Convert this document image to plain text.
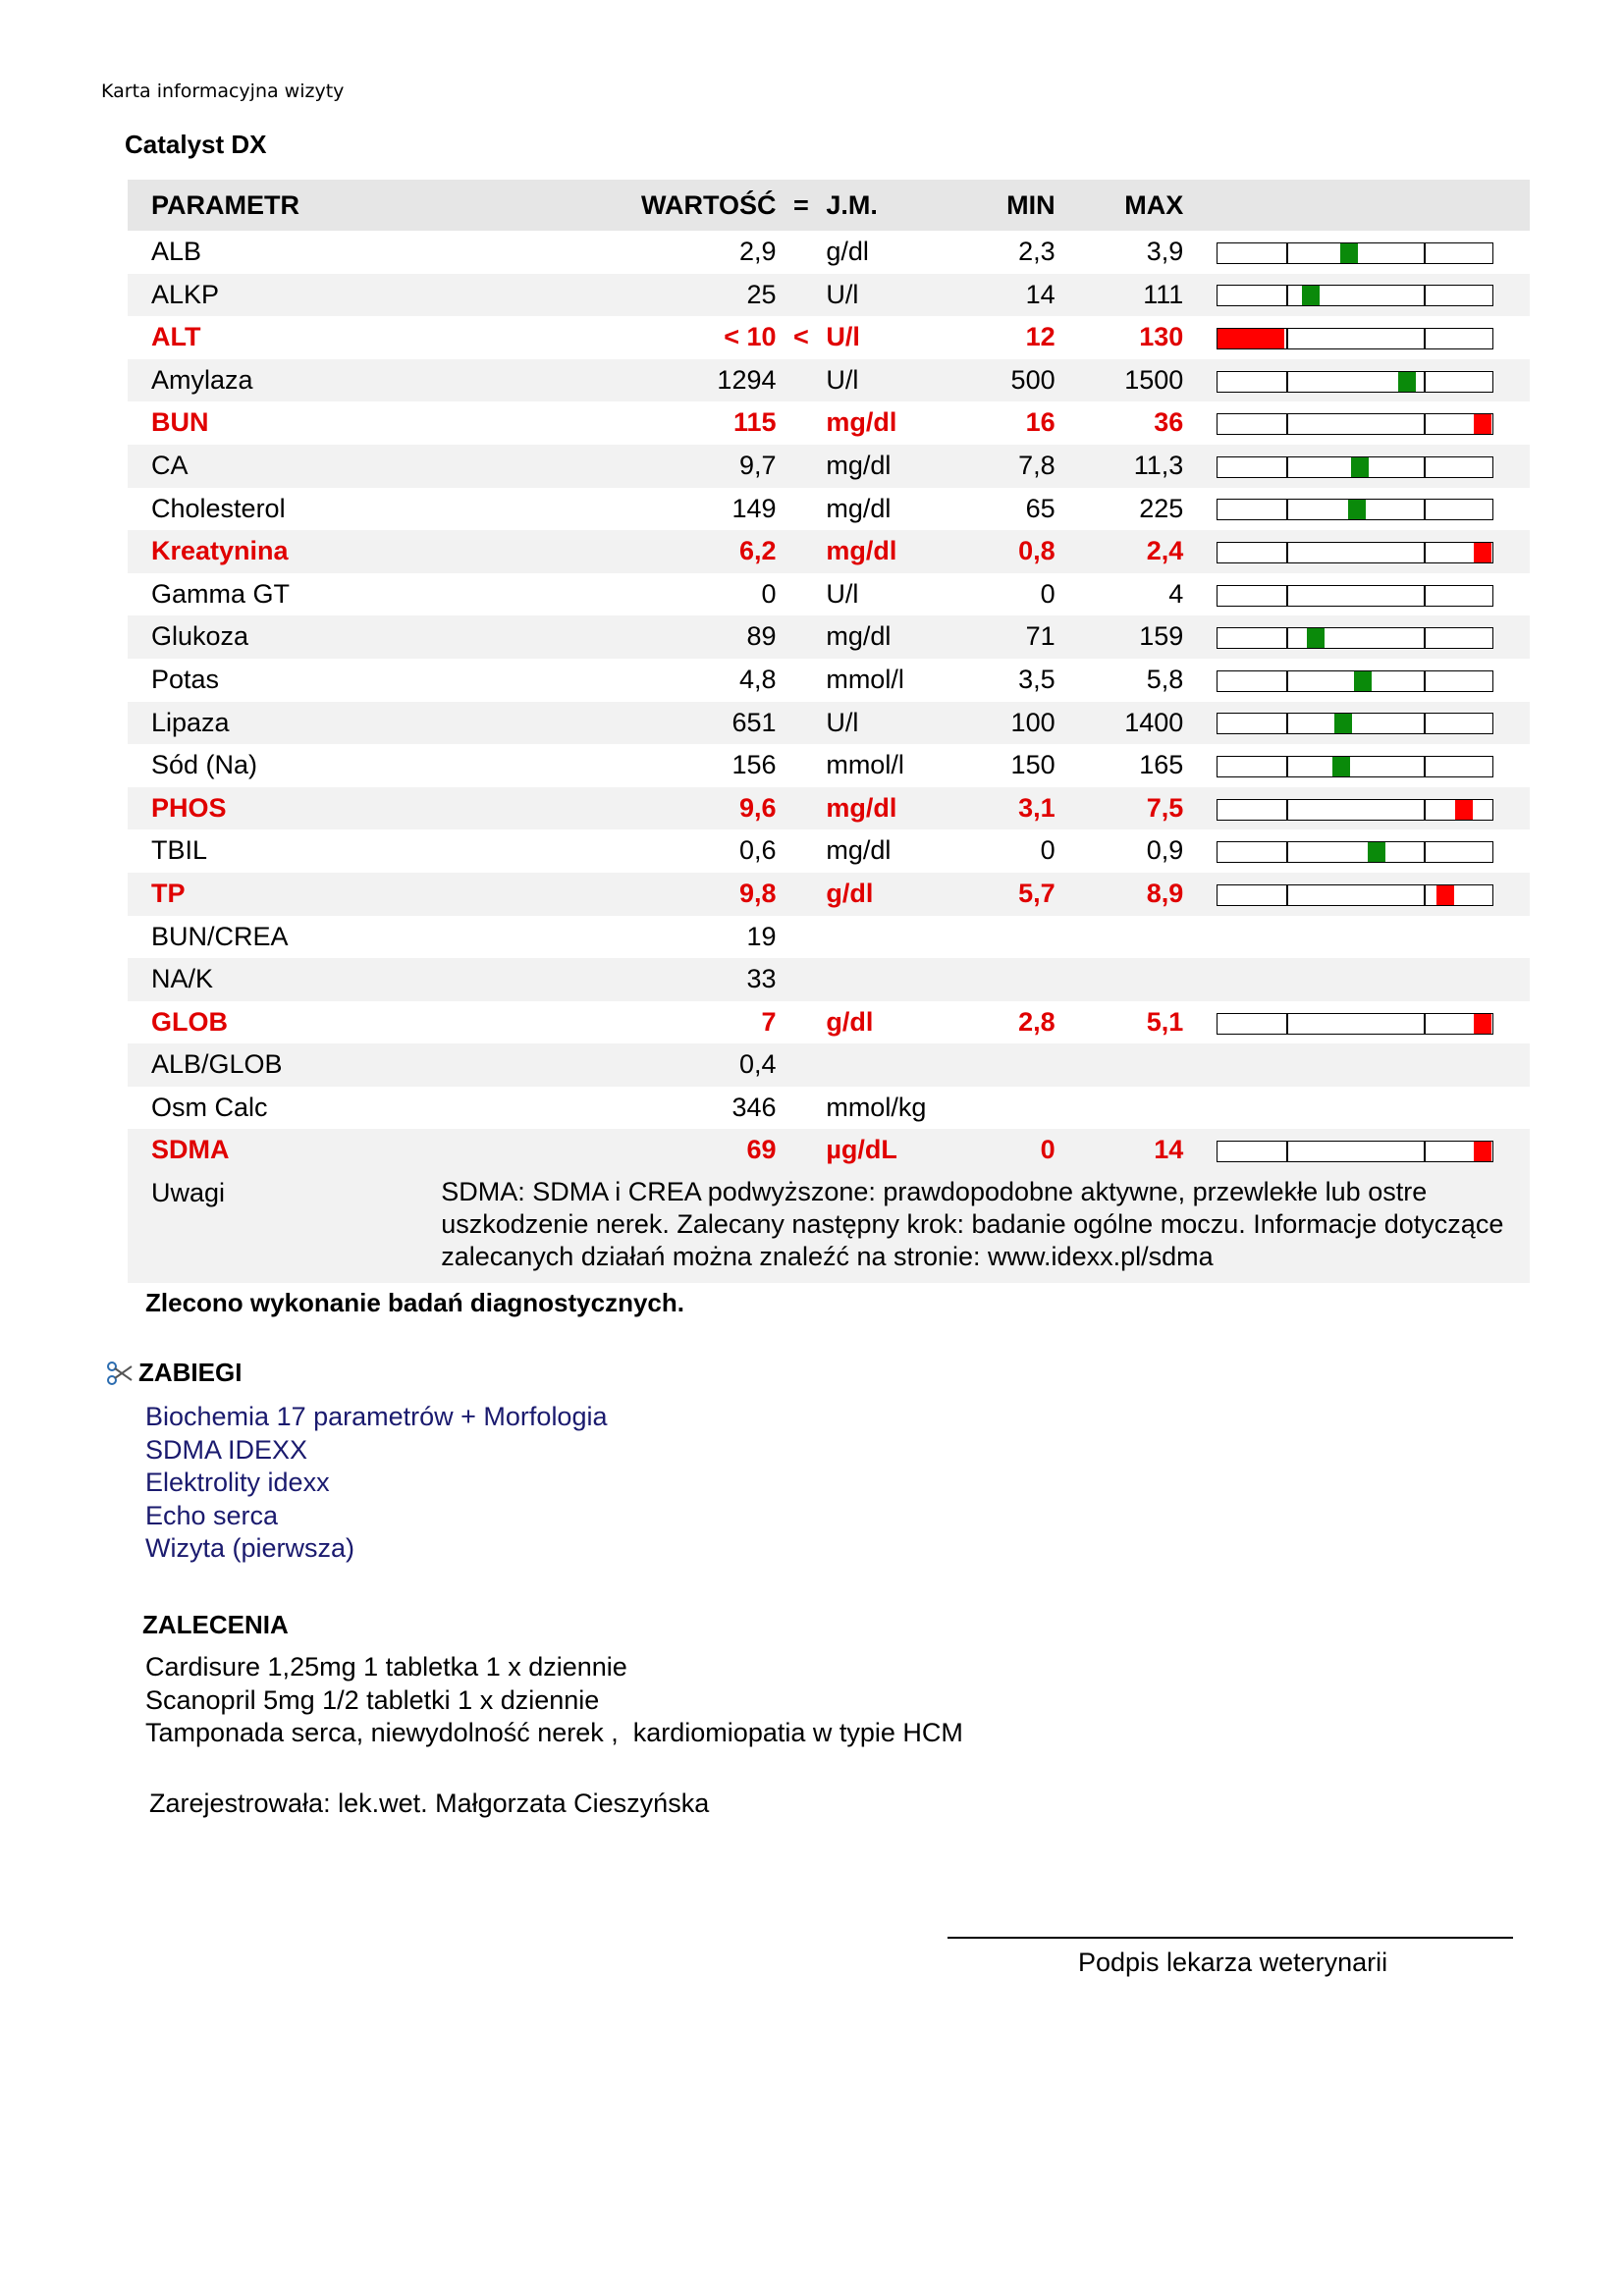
Karta informacyjna wizyty
Catalyst DX
PARAMETR	WARTOŚĆ	=	J.M.	MIN	MAX		
ALB	2,9		g/dl	2,3	3,9		

ALKP	25		U/l	14	111		

ALT	< 10	<	U/l	12	130		

Amylaza	1294		U/l	500	1500		

BUN	115		mg/dl	16	36		

CA	9,7		mg/dl	7,8	11,3		

Cholesterol	149		mg/dl	65	225		

Kreatynina	6,2		mg/dl	0,8	2,4		

Gamma GT	0		U/l	0	4		

Glukoza	89		mg/dl	71	159		

Potas	4,8		mmol/l	3,5	5,8		

Lipaza	651		U/l	100	1400		

Sód (Na)	156		mmol/l	150	165		

PHOS	9,6		mg/dl	3,1	7,5		

TBIL	0,6		mg/dl	0	0,9		

TP	9,8		g/dl	5,7	8,9		

BUN/CREA	19						
NA/K	33						
GLOB	7		g/dl	2,8	5,1		

ALB/GLOB	0,4						
Osm Calc	346		mmol/kg				
SDMA	69		µg/dL	0	14		

Uwagi	SDMA: SDMA i CREA podwyższone: prawdopodobne aktywne, przewlekłe lub ostre uszkodzenie nerek. Zalecany następny krok: badanie ogólne moczu. Informacje dotyczące zalecanych działań można znaleźć na stronie: www.idexx.pl/sdma						
Zlecono wykonanie badań diagnostycznych.
ZABIEGI
Biochemia 17 parametrów + Morfologia
SDMA IDEXX
Elektrolity idexx
Echo serca
Wizyta (pierwsza)
ZALECENIA
Cardisure 1,25mg 1 tabletka 1 x dziennie
Scanopril 5mg 1/2 tabletki 1 x dziennie
Tamponada serca, niewydolność nerek ,  kardiomiopatia w typie HCM
Zarejestrowała: lek.wet. Małgorzata Cieszyńska
Podpis lekarza weterynarii
